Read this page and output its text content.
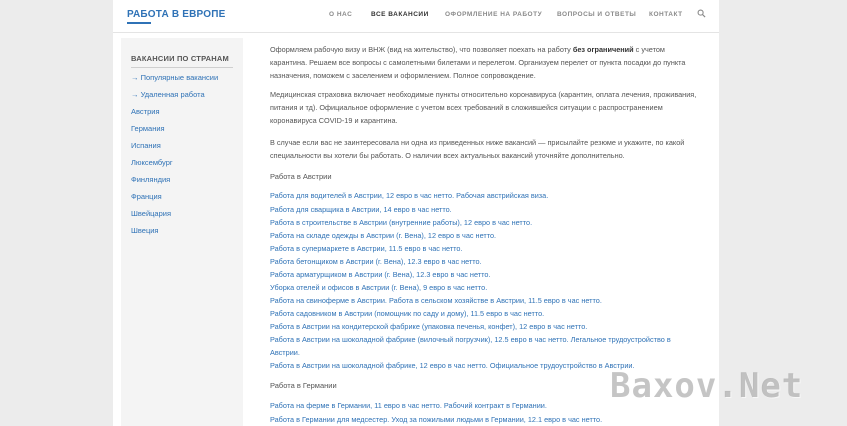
РАБОТА В ЕВРОПЕ	О НАС	ВСЕ ВАКАНСИИ	ОФОРМЛЕНИЕ НА РАБОТУ ВОПРОСЫ И ОТВЕТЫ КОНТАКТ
ВАКАНСИИ ПО СТРАНАМ
→ Популярные вакансии
→ Удаленная работа
Австрия
Германия
Испания
Люксембург
Финляндия
Франция
Швейцария
Швеция
Оформляем рабочую визу и ВНЖ (вид на жительство), что позволяет поехать на работу без ограничений с учетом карантина. Решаем все вопросы с самолетными билетами и перелетом. Организуем перелет от пункта посадки до пункта назначения, поможем с заселением и оформлением. Полное сопровождение.
Медицинская страховка включает необходимые пункты относительно коронавируса (карантин, оплата лечения, проживания, питания и тд). Официальное оформление с учетом всех требований в сложившейся ситуации с распространением коронавируса COVID-19 и карантина.
В случае если вас не заинтересовала ни одна из приведенных ниже вакансий — присылайте резюме и укажите, по какой специальности вы хотели бы работать. О наличии всех актуальных вакансий уточняйте дополнительно.
Работа в Австрии
Работа для водителей в Австрии, 12 евро в час нетто. Рабочая австрийская виза.
Работа для сварщика в Австрии, 14 евро в час нетто.
Работа в строительстве в Австрии (внутренние работы), 12 евро в час нетто.
Работа на складе одежды в Австрии (г. Вена), 12 евро в час нетто.
Работа в супермаркете в Австрии, 11.5 евро в час нетто.
Работа бетонщиком в Австрии (г. Вена), 12.3 евро в час нетто.
Работа арматурщиком в Австрии (г. Вена), 12.3 евро в час нетто.
Уборка отелей и офисов в Австрии (г. Вена), 9 евро в час нетто.
Работа на свиноферме в Австрии. Работа в сельском хозяйстве в Австрии, 11.5 евро в час нетто.
Работа садовником в Австрии (помощник по саду и дому), 11.5 евро в час нетто.
Работа в Австрии на кондитерской фабрике (упаковка печенья, конфет), 12 евро в час нетто.
Работа в Австрии на шоколадной фабрике (вилочный погрузчик), 12.5 евро в час нетто. Легальное трудоустройство в Австрии.
Работа в Австрии на шоколадной фабрике, 12 евро в час нетто. Официальное трудоустройство в Австрии.
Работа в Германии
Работа на ферме в Германии, 11 евро в час нетто. Рабочий контракт в Германии.
Работа в Германии для медсестер. Уход за пожилыми людьми в Германии, 12.1 евро в час нетто.
Baxov.Net
